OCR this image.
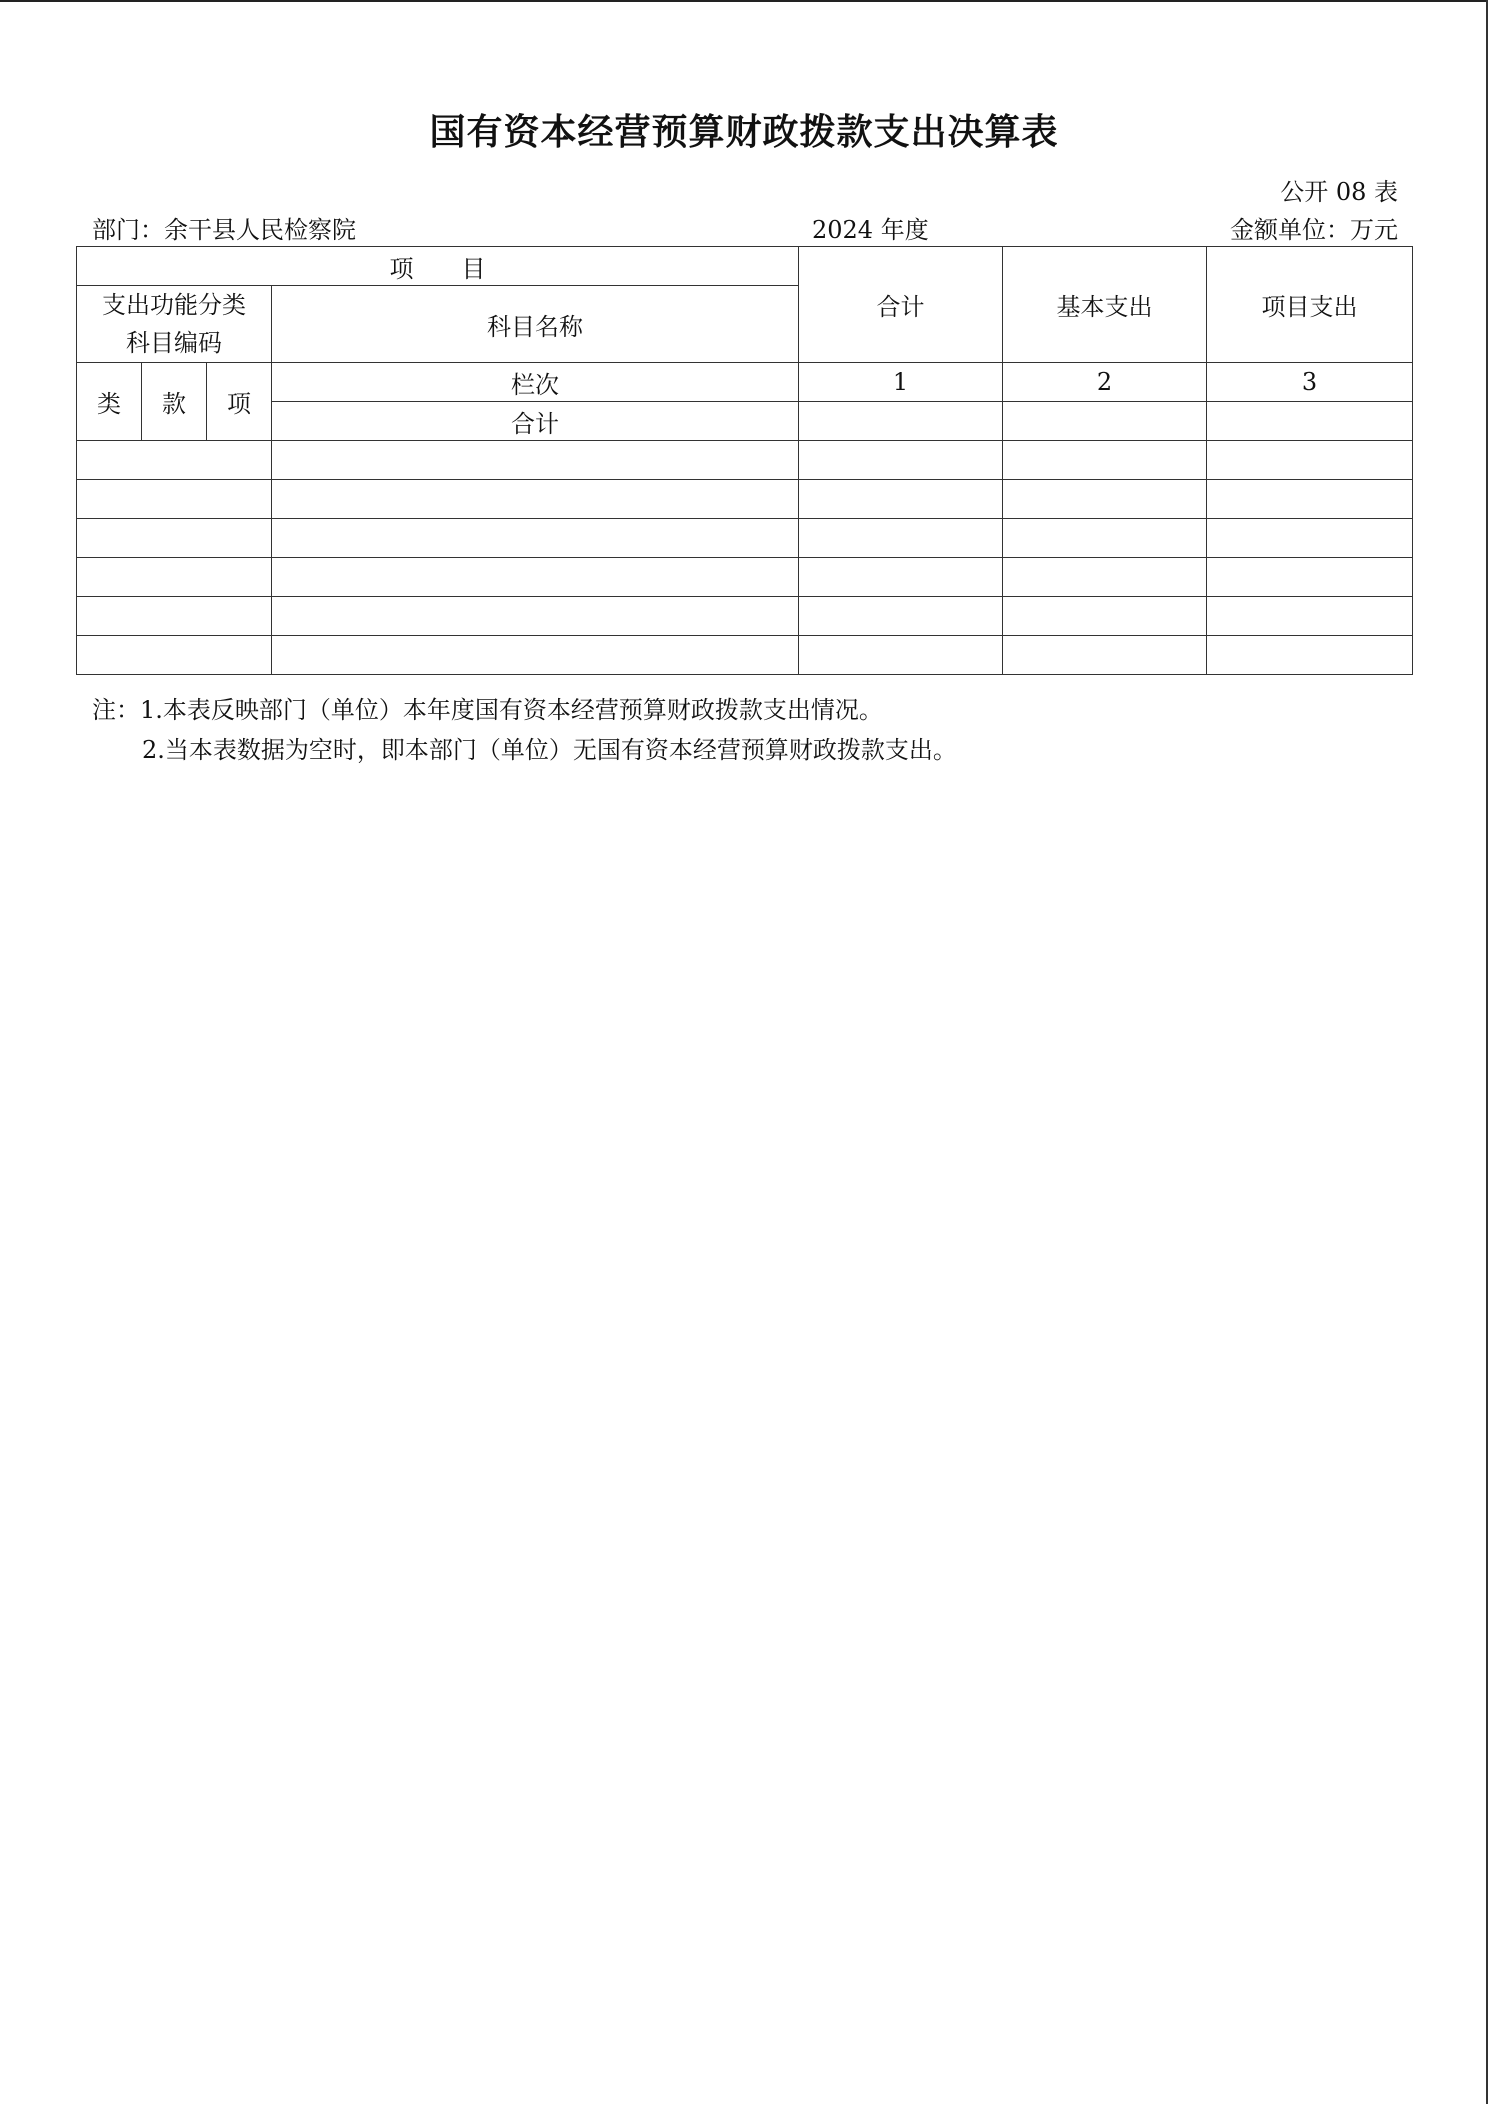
国有资本经营预算财政拨款支出决算表
公开 08 表
部门：余干县人民检察院	2024 年度	金额单位：万元
项目				合计	基本支出	项目支出

支出功能分类
科目编码			科目名称			
类	款	项	栏次	1	2	3
			合计			

注：1.本表反映部门（单位）本年度国有资本经营预算财政拨款支出情况。
2.当本表数据为空时，即本部门（单位）无国有资本经营预算财政拨款支出。
